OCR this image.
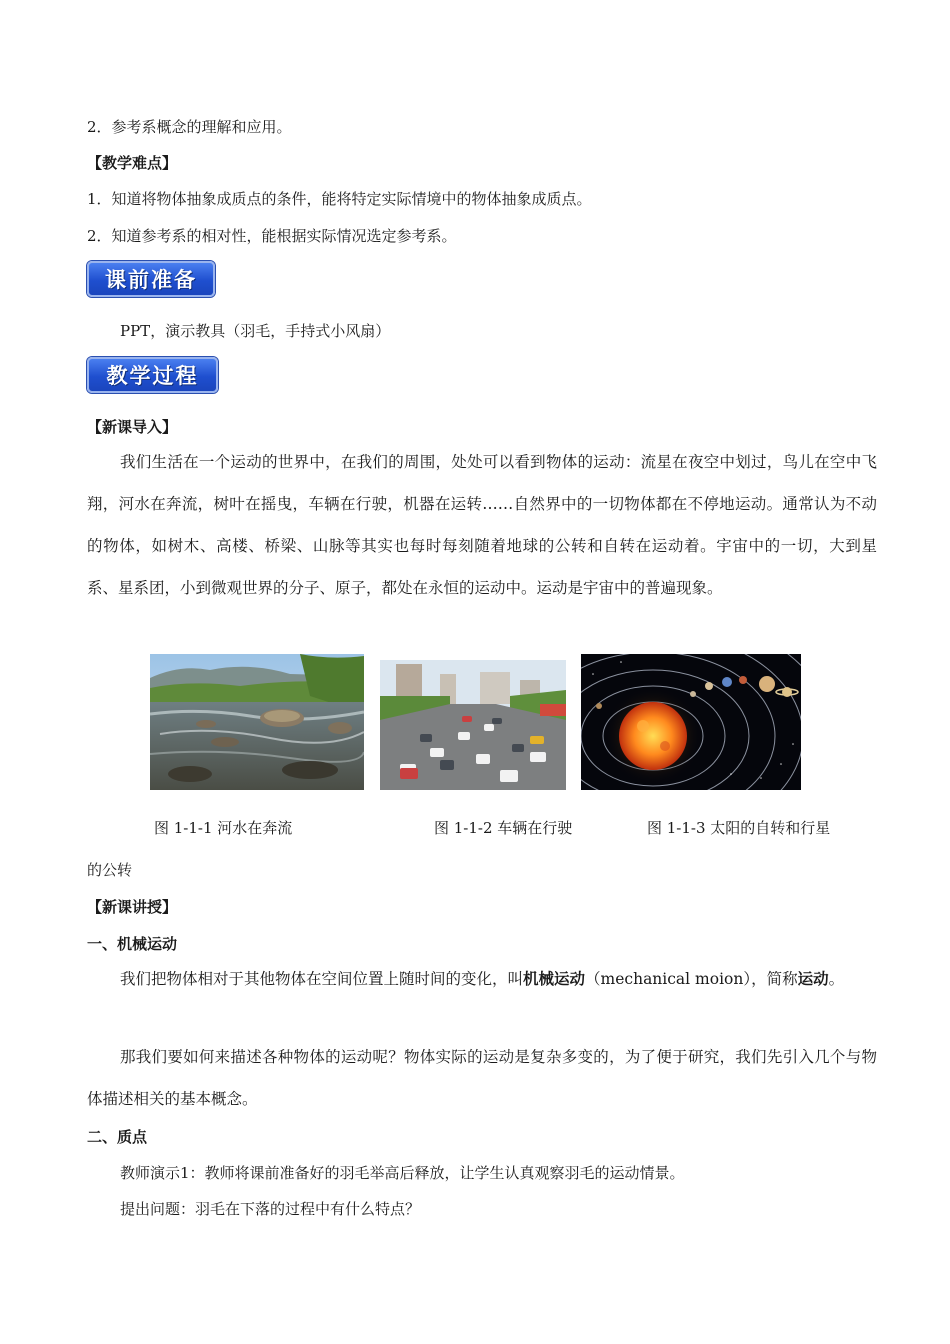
2．参考系概念的理解和应用。
【教学难点】
1．知道将物体抽象成质点的条件，能将特定实际情境中的物体抽象成质点。
2．知道参考系的相对性，能根据实际情况选定参考系。
课前准备
PPT，演示教具（羽毛，手持式小风扇）
教学过程
【新课导入】
我们生活在一个运动的世界中，在我们的周围，处处可以看到物体的运动：流星在夜空中划过，鸟儿在空中飞翔，河水在奔流，树叶在摇曳，车辆在行驶，机器在运转……自然界中的一切物体都在不停地运动。通常认为不动的物体，如树木、高楼、桥梁、山脉等其实也每时每刻随着地球的公转和自转在运动着。宇宙中的一切，大到星系、星系团，小到微观世界的分子、原子，都处在永恒的运动中。运动是宇宙中的普遍现象。
图 1-1-1 河水在奔流	图 1-1-2 车辆在行驶	图 1-1-3 太阳的自转和行星
的公转
【新课讲授】
一、机械运动
我们把物体相对于其他物体在空间位置上随时间的变化，叫机械运动（mechanical moion），简称运动。
那我们要如何来描述各种物体的运动呢？物体实际的运动是复杂多变的，为了便于研究，我们先引入几个与物体描述相关的基本概念。
二、质点
教师演示1：教师将课前准备好的羽毛举高后释放，让学生认真观察羽毛的运动情景。
提出问题：羽毛在下落的过程中有什么特点？
